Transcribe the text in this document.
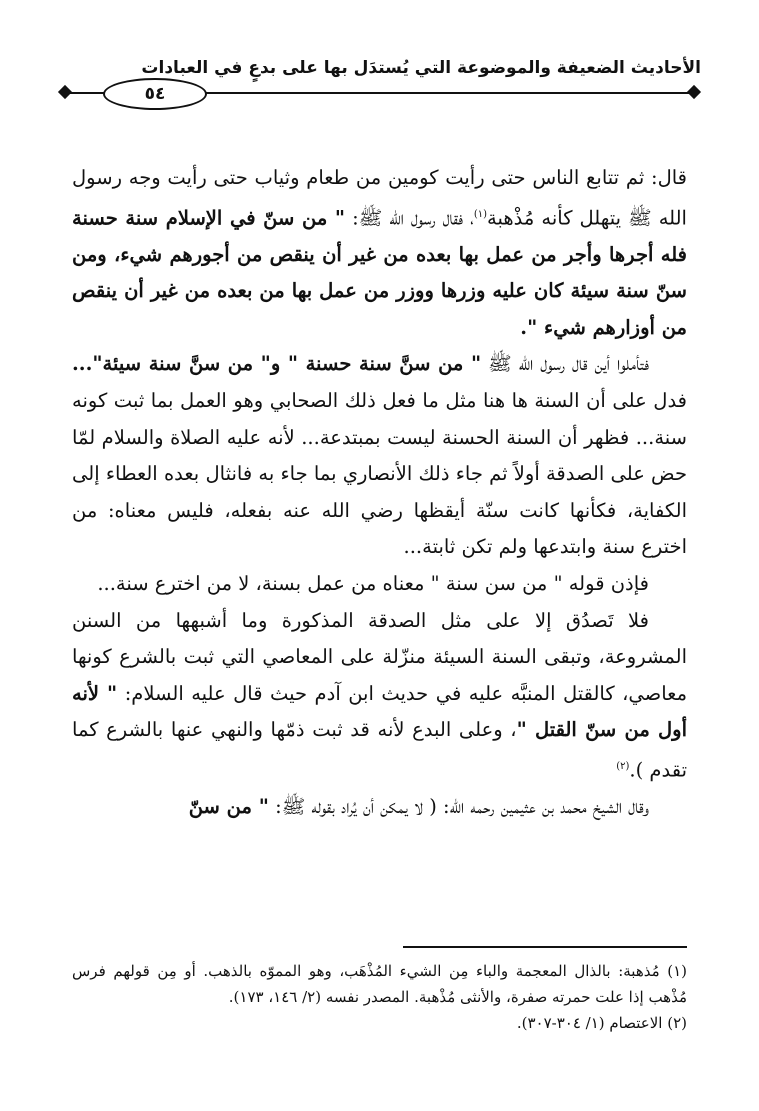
الأحاديث الضعيفة والموضوعة التي يُستدَل بها على بدعٍ في العبادات
٥٤

قال: ثم تتابع الناس حتى رأيت كومين من طعام وثياب حتى رأيت وجه رسول الله ﷺ يتهلل كأنه مُذْهبة$^{(١)}$، فقال رسول الله ﷺ: " من سنّ في الإسلام سنة حسنة فله أجرها وأجر من عمل بها بعده من غير أن ينقص من أجورهم شيء، ومن سنّ سنة سيئة كان عليه وزرها ووزر من عمل بها من بعده من غير أن ينقص من أوزارهم شيء ".

فتأملوا أين قال رسول الله ﷺ " من سنَّ سنة حسنة " و" من سنَّ سنة سيئة"... فدل على أن السنة ها هنا مثل ما فعل ذلك الصحابي وهو العمل بما ثبت كونه سنة... فظهر أن السنة الحسنة ليست بمبتدعة... لأنه عليه الصلاة والسلام لمّا حض على الصدقة أولاً ثم جاء ذلك الأنصاري بما جاء به فانثال بعده العطاء إلى الكفاية، فكأنها كانت سنّة أيقظها رضي الله عنه بفعله، فليس معناه: من اخترع سنة وابتدعها ولم تكن ثابتة...

فإذن قوله " من سن سنة " معناه من عمل بسنة، لا من اخترع سنة...

فلا تَصدُق إلا على مثل الصدقة المذكورة وما أشبهها من السنن المشروعة، وتبقى السنة السيئة منزّلة على المعاصي التي ثبت بالشرع كونها معاصي، كالقتل المنبَّه عليه في حديث ابن آدم حيث قال عليه السلام: " لأنه أول من سنّ القتل "، وعلى البدع لأنه قد ثبت ذمّها والنهي عنها بالشرع كما تقدم ).$^{(٢)}$

وقال الشيخ محمد بن عثيمين رحمه الله: ( لا يمكن أن يُراد بقوله ﷺ: " من سنّ

(١) مُذهبة: بالذال المعجمة والباء مِن الشيء المُذْهَب، وهو المموّه بالذهب. أو مِن قولهم فرس مُذْهب إذا علت حمرته صفرة، والأنثى مُذْهبة. المصدر نفسه (٢/ ١٤٦، ١٧٣).

(٢) الاعتصام (١/ ٣٠٤-٣٠٧).
